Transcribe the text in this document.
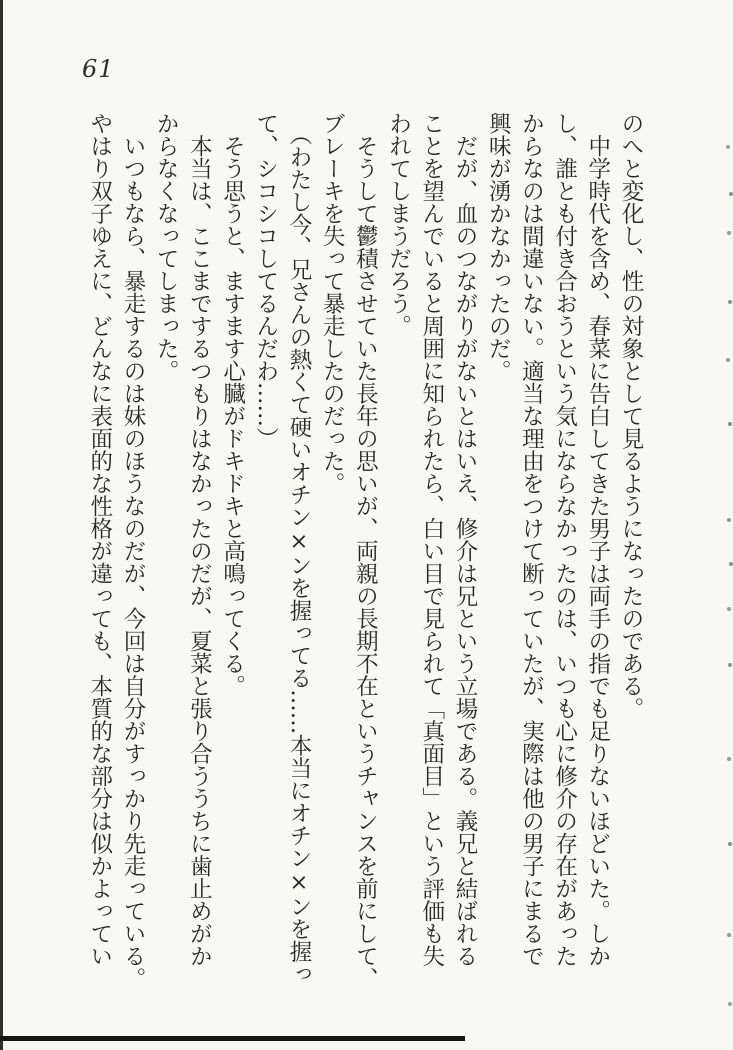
61
のへと変化し、性の対象として見るようになったのである。
　中学時代を含め、春菜に告白してきた男子は両手の指でも足りないほどいた。しか
し、誰とも付き合おうという気にならなかったのは、いつも心に修介の存在があった
からなのは間違いない。適当な理由をつけて断っていたが、実際は他の男子にまるで
興味が湧かなかったのだ。
　だが、血のつながりがないとはいえ、修介は兄という立場である。義兄と結ばれる
ことを望んでいると周囲に知られたら、白い目で見られて「真面目」という評価も失
われてしまうだろう。
　そうして鬱積させていた長年の思いが、両親の長期不在というチャンスを前にして、
ブレーキを失って暴走したのだった。
　（わたし今、兄さんの熱くて硬いオチン×ンを握ってる……本当にオチン×ンを握っ
て、シコシコしてるんだわ……）
　そう思うと、ますます心臓がドキドキと高鳴ってくる。
　本当は、ここまでするつもりはなかったのだが、夏菜と張り合ううちに歯止めがか
からなくなってしまった。
　いつもなら、暴走するのは妹のほうなのだが、今回は自分がすっかり先走っている。
やはり双子ゆえに、どんなに表面的な性格が違っても、本質的な部分は似かよってい
